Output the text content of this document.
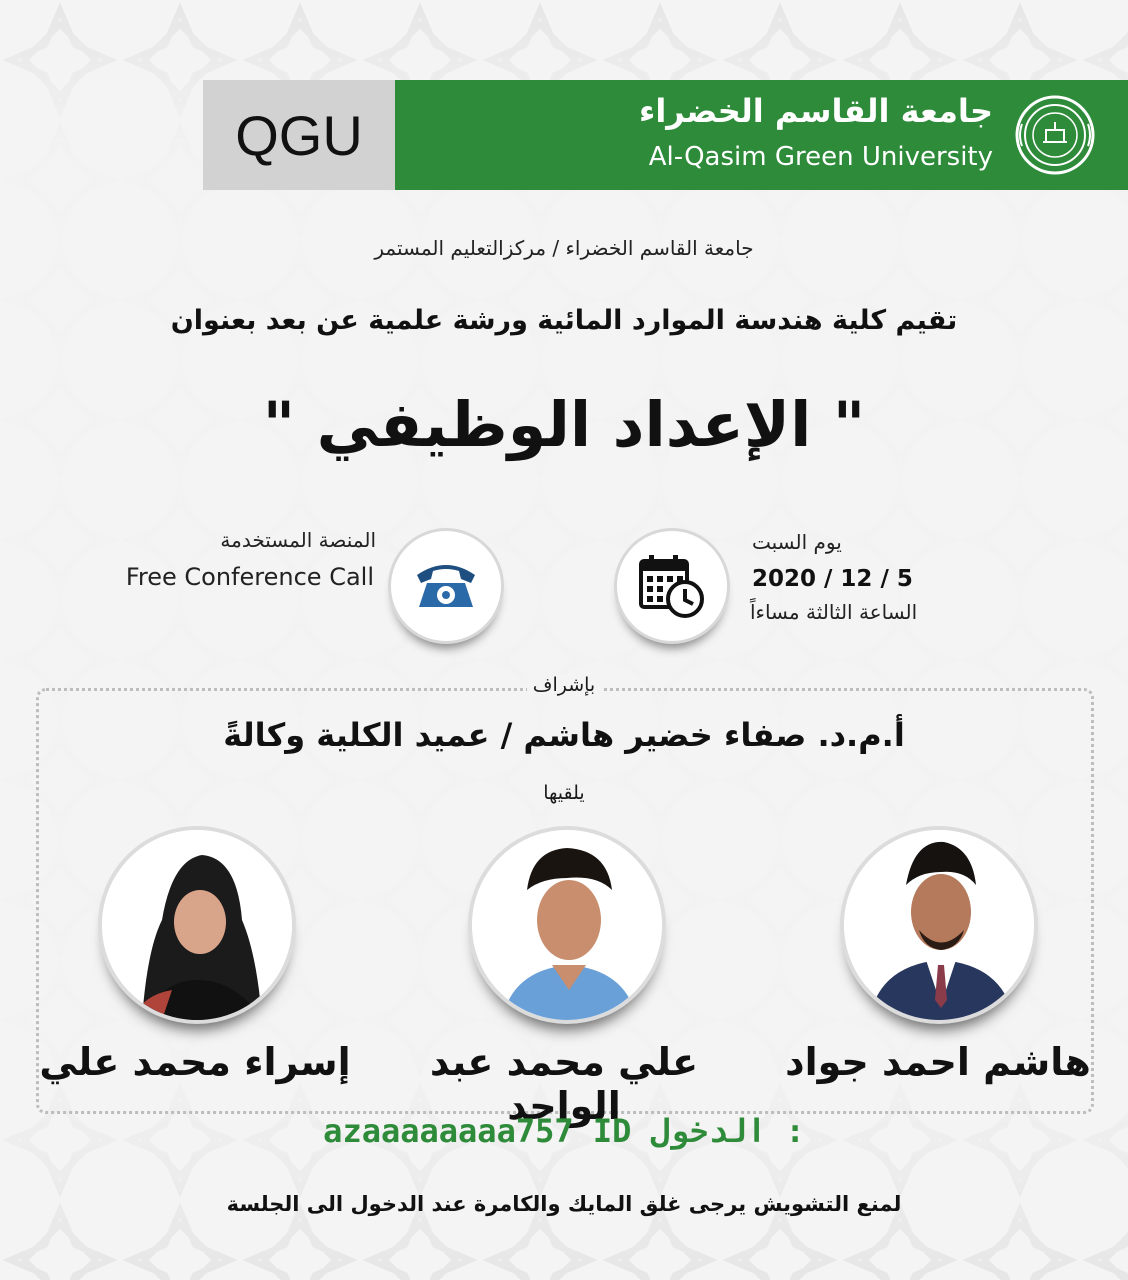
QGU	جامعة القاسم الخضراء
Al-Qasim Green University
جامعة القاسم الخضراء / مركزالتعليم المستمر
تقيم كلية هندسة الموارد المائية ورشة علمية عن بعد بعنوان
" الإعداد الوظيفي "
المنصة المستخدمة
Free Conference Call
يوم السبت
2020 / 12 / 5
الساعة الثالثة مساءاً
بإشراف
أ.م.د. صفاء خضير هاشم / عميد الكلية وكالةً
يلقيها
إسراء محمد علي	علي محمد عبد الواحد
هاشم احمد جواد
azaaaaaaaa757 ID الدخول :
لمنع التشويش يرجى غلق المايك والكامرة عند الدخول الى الجلسة
